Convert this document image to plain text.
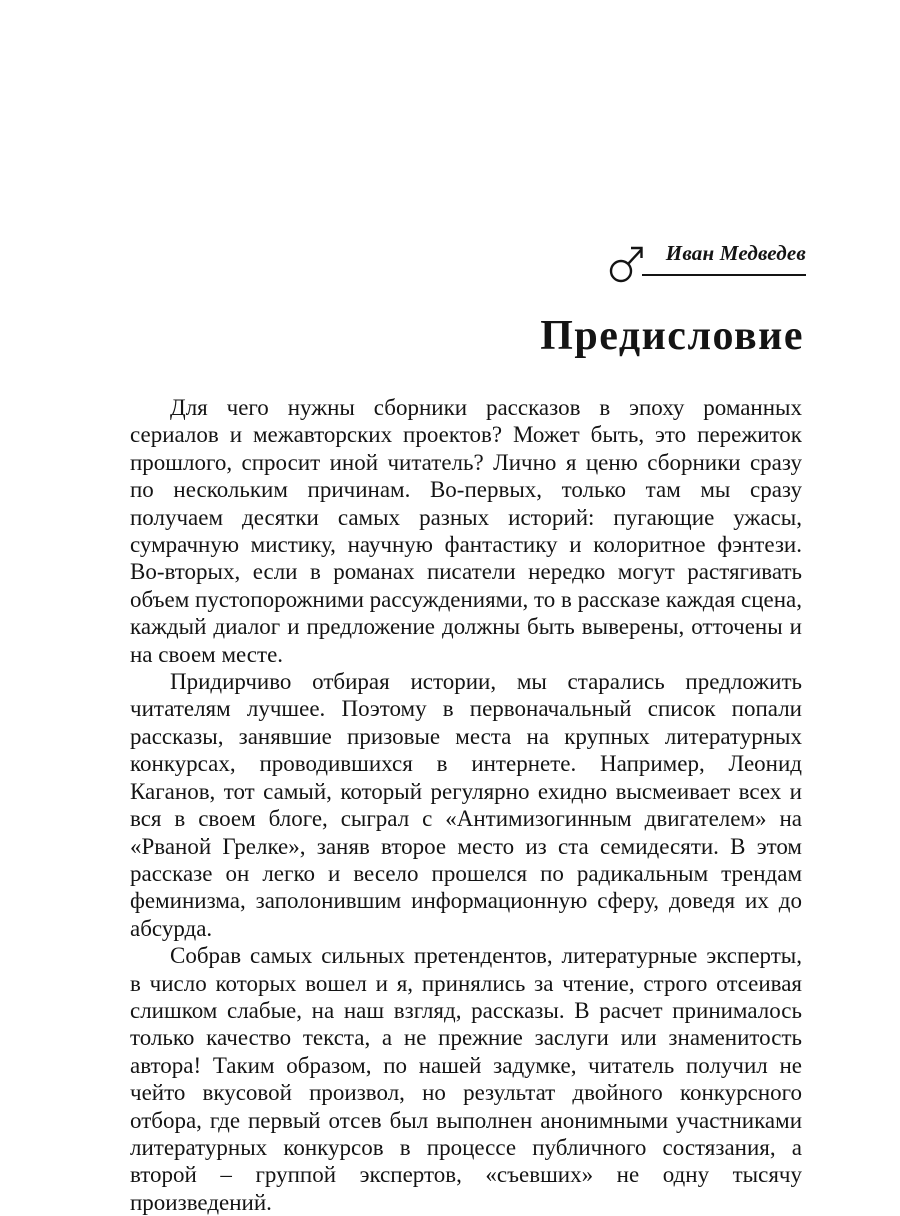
Иван Медведев
Предисловие

Для чего нужны сборники рассказов в эпоху романных сериалов и межавторских проектов? Может быть, это пережиток прошлого, спросит иной читатель? Лично я ценю сборники сразу по нескольким причинам. Во-первых, только там мы сразу получаем десятки самых разных историй: пугающие ужасы, сумрачную мистику, научную фантастику и колоритное фэнтези. Во-вторых, если в романах писатели нередко могут растягивать объем пустопорожними рассуждениями, то в рассказе каждая сцена, каждый диалог и предложение должны быть выверены, отточены и на своем месте.

Придирчиво отбирая истории, мы старались предложить читателям лучшее. Поэтому в первоначальный список попали рассказы, занявшие призовые места на крупных литературных конкурсах, проводившихся в интернете. Например, Леонид Каганов, тот самый, который регулярно ехидно высмеивает всех и вся в своем блоге, сыграл с «Антимизогинным двигателем» на «Рваной Грелке», заняв второе место из ста семидесяти. В этом рассказе он легко и весело прошелся по радикальным трендам феминизма, заполонившим информационную сферу, доведя их до абсурда.

Собрав самых сильных претендентов, литературные эксперты, в число которых вошел и я, принялись за чтение, строго отсеивая слишком слабые, на наш взгляд, рассказы. В расчет принималось только качество текста, а не прежние заслуги или знаменитость автора! Таким образом, по нашей задумке, читатель получил не чейто вкусовой произвол, но результат двойного конкурсного отбора, где первый отсев был выполнен анонимными участниками литературных конкурсов в процессе публичного состязания, а второй – группой экспертов, «съевших» не одну тысячу произведений.
